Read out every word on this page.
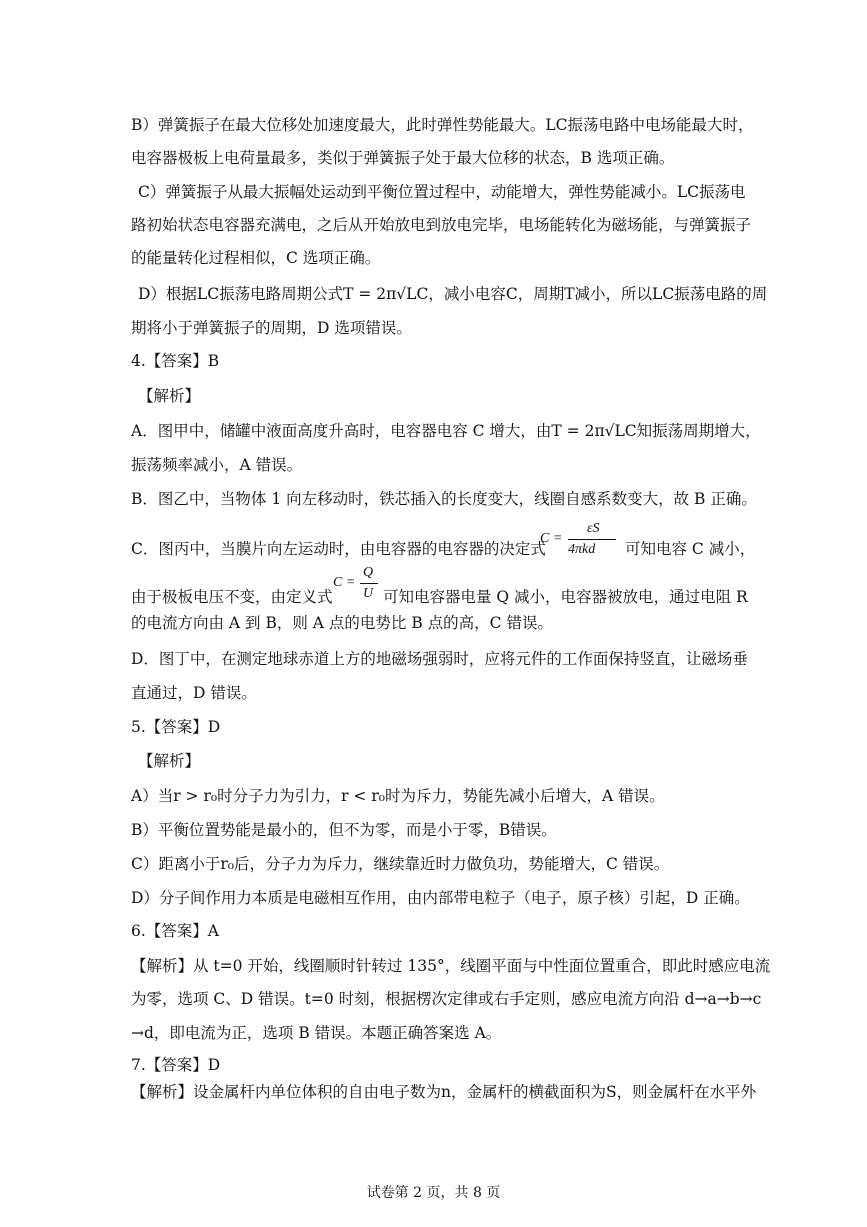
B）弹簧振子在最大位移处加速度最大，此时弹性势能最大。LC振荡电路中电场能最大时，
电容器极板上电荷量最多，类似于弹簧振子处于最大位移的状态，B 选项正确。
C）弹簧振子从最大振幅处运动到平衡位置过程中，动能增大，弹性势能减小。LC振荡电
路初始状态电容器充满电，之后从开始放电到放电完毕，电场能转化为磁场能，与弹簧振子
的能量转化过程相似，C 选项正确。
D）根据LC振荡电路周期公式T = 2π√LC，减小电容C，周期T减小，所以LC振荡电路的周
期将小于弹簧振子的周期，D 选项错误。
4.【答案】B
【解析】
A．图甲中，储罐中液面高度升高时，电容器电容 C 增大，由T = 2π√LC知振荡周期增大，
振荡频率减小，A 错误。
B．图乙中，当物体 1 向左移动时，铁芯插入的长度变大，线圈自感系数变大，故 B 正确。
C．图丙中，当膜片向左运动时，由电容器的电容器的决定式
C =
εS
4πkd 可知电容 C 减小，
由于极板电压不变，由定义式
C =
Q
U 可知电容器电量 Q 减小，电容器被放电，通过电阻 R
的电流方向由 A 到 B，则 A 点的电势比 B 点的高，C 错误。
D．图丁中，在测定地球赤道上方的地磁场强弱时，应将元件的工作面保持竖直，让磁场垂
直通过，D 错误。
5.【答案】D
【解析】
A）当r > r₀时分子力为引力，r < r₀时为斥力，势能先减小后增大，A 错误。
B）平衡位置势能是最小的，但不为零，而是小于零，B错误。
C）距离小于r₀后，分子力为斥力，继续靠近时力做负功，势能增大，C 错误。
D）分子间作用力本质是电磁相互作用，由内部带电粒子（电子，原子核）引起，D 正确。
6.【答案】A
【解析】从 t=0 开始，线圈顺时针转过 135°，线圈平面与中性面位置重合，即此时感应电流
为零，选项 C、D 错误。t=0 时刻，根据楞次定律或右手定则，感应电流方向沿 d→a→b→c
→d，即电流为正，选项 B 错误。本题正确答案选 A。
7.【答案】D
【解析】设金属杆内单位体积的自由电子数为n，金属杆的横截面积为S，则金属杆在水平外
试卷第 2 页，共 8 页
